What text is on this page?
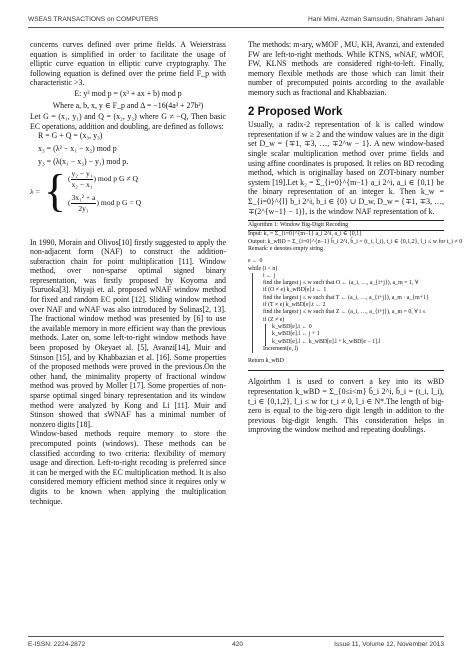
WSEAS TRANSACTIONS on COMPUTERS	Hani Mimi, Azman Samsudin, Shahram Jahani

concerns curves defined over prime fields. A Weierstrass equation is simplified in order to facilitate the usage of elliptic curve equation in elliptic curve cryptography. The following equation is defined over the prime field F_p with characteristic >3.

E: y² mod p = (x³ + ax + b) mod p
Where a, b, x, y ∈ F_p and Δ = −16(4a³ + 27b²)

Let G = (x₁, y₁) and Q = (x₂, y₂) where G ≠ −Q, Then basic EC operations, addition and doubling, are defined as follows:

R = G + Q = (x₃, y₃)
x₃ = (λ² − x₁ − x₂) mod p
y₃ = (λ(x₁ − x₃) − y₁) mod p.
λ = { ( $\frac{\text{y₂ − y₁}}{\text{x₂ − x₁}}$ ) mod p G ≠ Q
( $\frac{\text{3x₁² + a}}{\text{2y₁}}$ ) mod p G = Q

In 1990, Morain and Olivos[10] firstly suggested to apply the non-adjacent form (NAF) to construct the addition-subtraction chain for point multiplication [11]. Window method, over non-sparse optimal signed binary representation, was firstly proposed by Koyoma and Tsuruoka[3]. Miyaji et. al. proposed wNAF window method for fixed and random EC point [12]. Sliding window method over NAF and wNAF was also introduced by Solinas[2, 13]. The fractional window method was presented by [6] to use the available memory in more efficient way than the previous methods. Later on, some left-to-right window methods have been proposed by Okeyaet al. [5], Avanzi[14], Muir and Stinson [15], and by Khabbazian et al. [16]. Some properties of the proposed methods were proved in the previous.On the other hand, the minimality property of fractional window method was proved by Moller [17]. Some properties of non-sparse optimal singed binary representation and its window method were analyzed by Kong and Li [11]. Muir and Stinson showed that sWNAF has a minimal number of nonzero digits [18].

Window-based methods require memory to store the precomputed points (windows). These methods can be classified according to two criteria: flexibility of memory usage and direction. Left-to-right recoding is preferred since it can be merged with the EC multiplication method. It is also considered memory efficient method since it requires only w digits to be known when applying the multiplication technique.

The methods: m-ary, wMOF , MU, KH, Avanzi, and extended FW are left-to-right methods. While KTNS, wNAF, wMOF, FW, KLNS methods are considered right-to-left. Finally, memory flexible methods are those which can limit their number of precomputed points according to the available memory such as fractional and Khabbazian.

2 Proposed Work

Usually, a radix-2 representation of k is called window representation if w ≥ 2 and the window values are in the digit set D_w = {∓1, ∓3, …, ∓2^w − 1}. A new window-based single scalar multiplication method over prime fields and using affine coordinates is proposed. It relies on BD recoding method, which is originallay based on ZOT-binary number system [19].Let k₂ = Σ_{i=0}^{m−1} a_i 2^i, a_i ∈ {0,1} be the binary representation of an integer k. Then k_w = Σ_{i=0}^{l} b_i 2^i, b_i ∈ {0} ∪ D_w, D_w = {∓1, ∓3, …, ∓(2^{w−1} − 1)}, is the window NAF representation of k.

Algorithm 1: Window Big-Digit Recoding
Input: k₂ = Σ_{i=0}^{m−1} a_i 2^i, a_i ∈ {0,1}
Output: k_wBD = Σ_{i=0}^{n−1} b̄_i 2^i, b̄_i = (t_i, l_i), t_i ∈ {0,1,2}, l_i ≤ w for t_i ≠ 0
Remark: e denotes empty string
e ← 0
while (i < n)
i ← j
find the largest j ≤ w such that O ← (a_i, …, a_{i+j}), a_m = 1, ∀
if (O ≠ e) k_wBD[e].t ← 1
find the largest j ≤ w such that T ← (a_i, …, a_{i+j}), a_m ⋅ a_{m+1}
if (T ≠ e) k_wBD[e].t ← 2
find the largest j ≤ w such that Z ← (a_i, …, a_{i+j}), a_m = 0, ∀ i ≤
if (Z ≠ e)
k_wBD[e].t ← 0
k_wBD[e].l ← j + 1
k_wBD[e].l ← k_wBD[e].l + k_wBD[e − 1].l
Increment(e, l)
Return k_wBD

Algoirthm 1 is used to convert a key into its wBD representation k_wBD = Σ_{0≤i<m} b̄_i 2^i, b̄_i = (t_i, l_i), t_i ∈ {0,1,2}, l_i ≤ w for t_i ≠ 0, l_i ∈ N*.The length of big-zero is equal to the big-zero digit length in addition to the previous big-digit length. This consideration helps in improving the window method and repeating doublings.

E-ISSN: 2224-2872	420	Issue 11, Volume 12, November 2013
